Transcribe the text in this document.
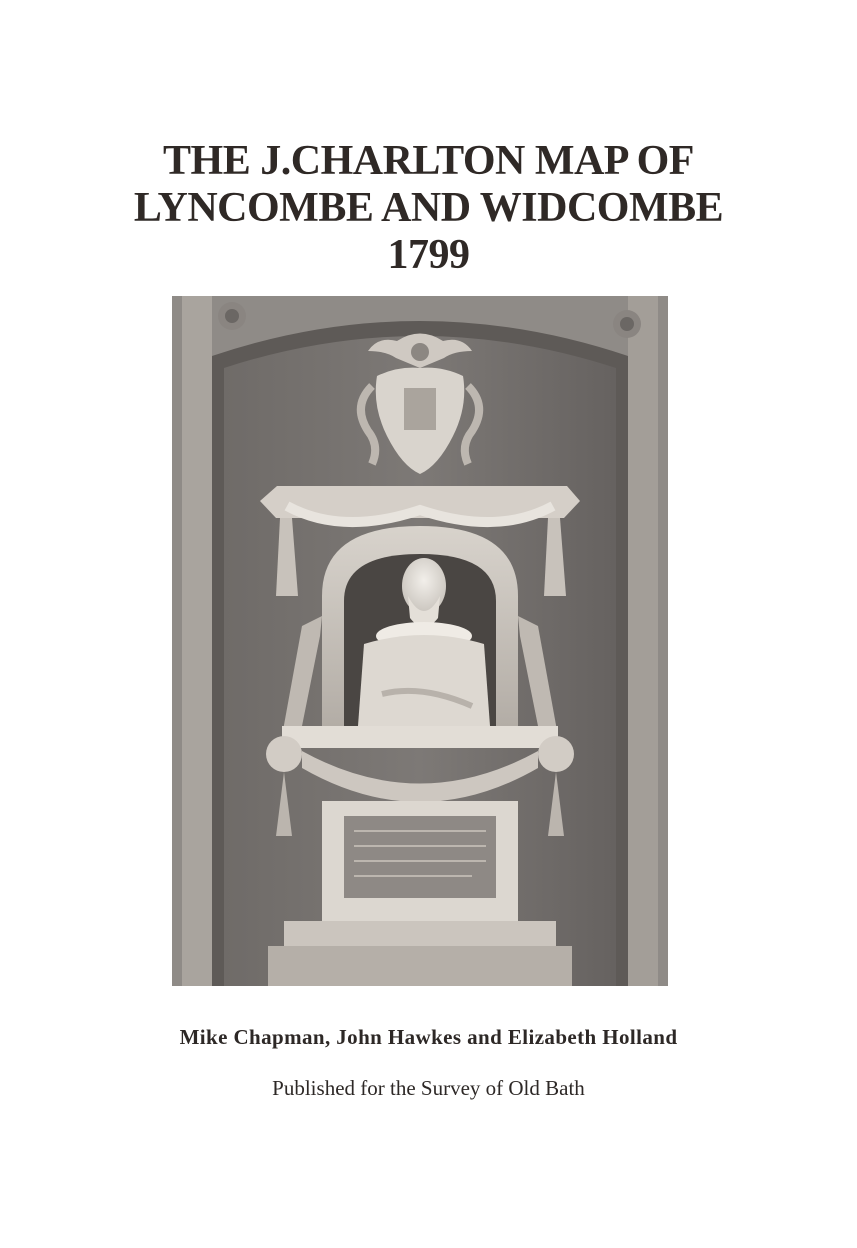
THE J.CHARLTON MAP OF
LYNCOMBE AND WIDCOMBE
1799
Mike Chapman, John Hawkes and Elizabeth Holland
Published for the Survey of Old Bath
